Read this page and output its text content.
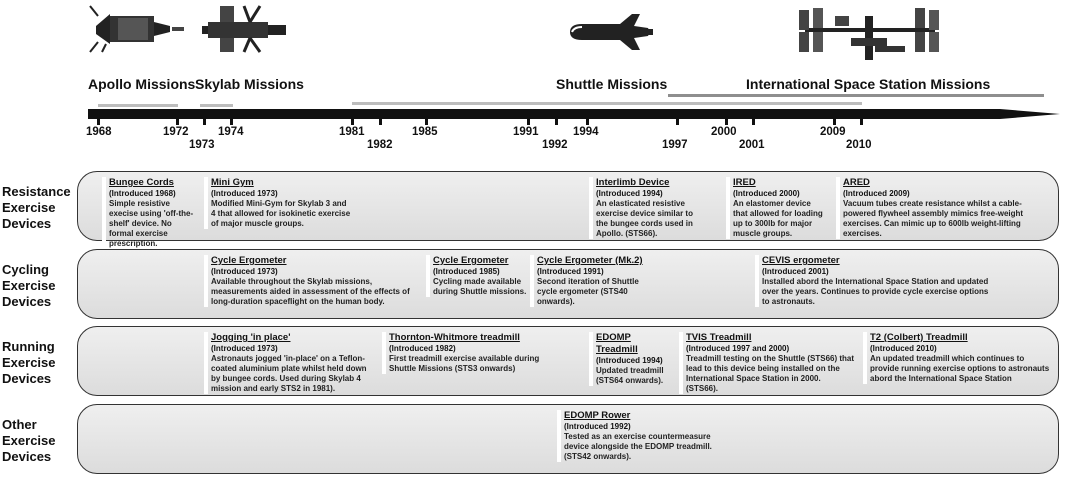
Apollo Missions Skylab Missions	Shuttle Missions	International Space Station Missions
1968	1972
1973
1974	1981
1982
1985	1991
1992
1994
1997
2000
2001
2009
2010
Resistance Exercise Devices
Cycling Exercise Devices
Running Exercise Devices
Other Exercise Devices
Bungee Cords
(Introduced 1968)
Simple resistive execise using 'off-the-shelf' device. No formal exercise prescription.
Mini Gym
(Introduced 1973)
Modified Mini-Gym for Skylab 3 and 4 that allowed for isokinetic exercise of major muscle groups.
Interlimb Device
(Introduced 1994)
An elasticated resistive exercise device similar to the bungee cords used in Apollo. (STS66).
IRED
(Introduced 2000)
An elastomer device that allowed for loading up to 300lb for major muscle groups.
ARED
(Introduced 2009)
Vacuum tubes create resistance whilst a cable-powered flywheel assembly mimics free-weight exercises. Can mimic up to 600lb weight-lifting exercises.
Cycle Ergometer
(Introduced 1973)
Available throughout the Skylab missions, measurements aided in assessment of the effects of long-duration spaceflight on the human body.
Cycle Ergometer
(Introduced 1985)
Cycling made available during Shuttle missions.
Cycle Ergometer (Mk.2)
(Introduced 1991)
Second iteration of Shuttle cycle ergometer (STS40 onwards).
CEVIS ergometer
(Introduced 2001)
Installed abord the International Space Station and updated over the years. Continues to provide cycle exercise options to astronauts.
Jogging 'in place'
(Introduced 1973)
Astronauts jogged 'in-place' on a Teflon-coated aluminium plate whilst held down by bungee cords. Used during Skylab 4 mission and early STS2 in 1981).
Thornton-Whitmore treadmill
(Introduced 1982)
First treadmill exercise available during Shuttle Missions (STS3 onwards)
EDOMP Treadmill
(Introduced 1994)
Updated treadmill (STS64 onwards).
TVIS Treadmill
(Introduced 1997 and 2000)
Treadmill testing on the Shuttle (STS66) that lead to this device being installed on the International Space Station in 2000. (STS66).
T2 (Colbert) Treadmill
(Introduced 2010)
An updated treadmill which continues to provide running exercise options to astronauts abord the International Space Station
EDOMP Rower
(Introduced 1992)
Tested as an exercise countermeasure device alongside the EDOMP treadmill. (STS42 onwards).
